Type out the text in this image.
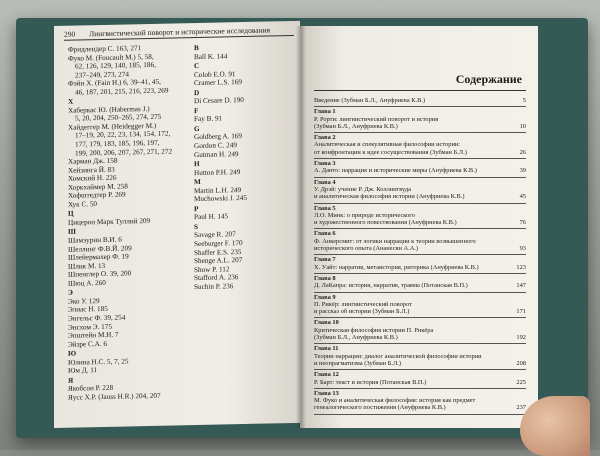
290 Лингвистический поворот и исторические исследования
Фридлендер С. 163, 271
Фуко М. (Foucault M.) 5, 58,
62, 126, 129, 140, 185, 186,
237–249, 273, 274
Фэйн Х. (Fain H.) 6, 39–41, 45,
46, 187, 201, 215, 216, 223, 269
Х
Хаберкас Ю. (Habermas J.)
5, 20, 204, 250–265, 274, 275
Хайдеггер М. (Heidegger M.)
17–19, 20, 22, 23, 134, 154, 172,
177, 179, 183, 185, 196, 197,
199, 200, 206, 207, 267, 271, 272
Харман Дж. 158
Хейзинга Й. 83
Хомский Н. 226
Хоркхаймер М. 258
Хофштедтер Р. 269
Хук С. 50
Ц
Цицерон Марк Туллий 209
Ш
Шамэурин В.И. 6
Шеллинг Ф.В.Й. 209
Шлейермахер Ф. 19
Шлик М. 13
Шпенглер О. 39, 200
Шюц А. 260
Э
Эко У. 129
Элиас Н. 185
Энгельс Ф. 39, 254
Энсхом Э. 175
Эпштейн М.Н. 7
Эйзре С.А. 6
Ю
Юлина Н.С. 5, 7, 25
Юм Д. 11
Я
Якобсон Р. 228
Яусс Х.Р. (Jauss H.R.) 204, 207
B
Ball K. 144
C
Colob E.O. 91
Cramer L.S. 169
D
Di Cesare D. 190
F
Fay B. 91
G
Goldberg A. 169
Gordon C. 249
Gutman H. 249
H
Hutton P.H. 249
M
Martin L.H. 249
Muchowski J. 245
P
Paul H. 145
S
Savage R. 207
Seeburger F. 170
Shaffer E.S. 235
Shenge A.L. 207
Show P. 112
Stafford A. 236
Suchin P. 236
Содержание
Введение (Зубман Б.Л., Ануфриева К.В.)	5
Глава 1
Р. Рорти: лингвистический поворот и история
(Зубман Б.Л., Ануфриева К.В.)	10
Глава 2
Аналитическая и спекулятивная философии истории:
от конфронтации к идее сосуществования (Зубман Б.Л.)	26
Глава 3
А. Данто: наррация и исторические миры (Ануфриева К.В.)	39
Глава 4
У. Дрэй: учение Р. Дж. Коллингвуда
и аналитическая философия истории (Ануфриева К.В.)	45
Глава 5
Л.О. Минк: о природе исторического
и художественного повествования (Ануфриева К.В.)	76
Глава 6
Ф. Анкерсмит: от логики наррации к теории возвышенного
исторического опыта (Ананесян А.А.)	93
Глава 7
Х. Уайт: нарратив, метаистория, риторика (Ануфриева К.В.)	123
Глава 8
Д. ЛаКапра: история, нарратив, травма (Потанская В.П.)	147
Глава 9
П. Рикёр: лингвистический поворот
и рассказ об истории (Зубман Б.Л.)	171
Глава 10
Критическая философия истории П. Рикёра
(Зубман Б.Л., Ануфриева К.В.)	192
Глава 11
Теории наррации: диалог аналитической философии истории
и неопрагматизма (Зубман Б.Л.)	208
Глава 12
Р. Барт: текст и история (Потанская В.П.)	225
Глава 13
М. Фуко и аналитическая философия: история как предмет
генеалогического постижения (Ануфриева К.В.)	237
